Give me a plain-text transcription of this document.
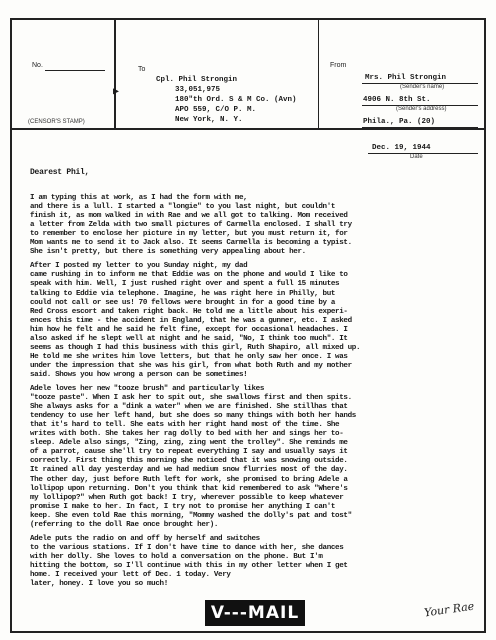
No.
(CENSOR'S STAMP)
To
▶
Cpl. Phil Strongin
33,051,975
180"th Ord. S & M Co. (Avn)
APO 559, C/O P. M.
New York, N. Y.
From
Mrs. Phil Strongin
(Sender's name)
4906 N. 8th St.
(Sender's address)
Phila., Pa. (20)
Dec. 19, 1944
Date
Dearest Phil,
I am typing this at work, as I had the form with me,
and there is a lull. I started a "longie" to you last night, but couldn't
finish it, as mom walked in with Rae and we all got to talking. Mom received
a letter from Zelda with two small pictures of Carmella enclosed. I shall try
to remember to enclose her picture in my letter, but you must return it, for
Mom wants me to send it to Jack also. It seems Carmella is becoming a typist.
She isn't pretty, but there is something very appealing about her.
After I posted my letter to you Sunday night, my dad
came rushing in to inform me that Eddie was on the phone and would I like to
speak with him. Well, I just rushed right over and spent a full 15 minutes
talking to Eddie via telephone. Imagine, he was right here in Philly, but
could not call or see us! 70 fellows were brought in for a good time by a
Red Cross escort and taken right back. He told me a little about his experi-
ences this time - the accident in England, that he was a gunner, etc. I asked
him how he felt and he said he felt fine, except for occasional headaches. I
also asked if he slept well at night and he said, "No, I think too much". It
seems as though I had this business with this girl, Ruth Shapiro, all mixed up.
He told me she writes him love letters, but that he only saw her once. I was
under the impression that she was his girl, from what both Ruth and my mother
said. Shows you how wrong a person can be sometimes!
Adele loves her new "tooze brush" and particularly likes
"tooze paste". When I ask her to spit out, she swallows first and then spits.
She always asks for a "dink a water" when we are finished. She stillhas that
tendency to use her left hand, but she does so many things with both her hands
that it's hard to tell. She eats with her right hand most of the time. She
writes with both. She takes her rag dolly to bed with her and sings her to-
sleep. Adele also sings, "Zing, zing, zing went the trolley". She reminds me
of a parrot, cause she'll try to repeat everything I say and usually says it
correctly. First thing this morning she noticed that it was snowing outside.
It rained all day yesterday and we had medium snow flurries most of the day.
The other day, just before Ruth left for work, she promised to bring Adele a
lollipop upon returning. Don't you think that kid remembered to ask "Where's
my lollipop?" when Ruth got back! I try, wherever possible to keep whatever
promise I make to her. In fact, I try not to promise her anything I can't
keep. She even told Rae this morning, "Mommy washed the dolly's pat and tost"
(referring to the doll Rae once brought her).
Adele puts the radio on and off by herself and switches
to the various stations. If I don't have time to dance with her, she dances
with her dolly. She loves to hold a conversation on the phone. But I'm
hitting the bottom, so I'll continue with this in my other letter when I get
home. I received your lett of Dec. 1 today. Very
later, honey. I love you so much!
Your Rae
V---MAIL
